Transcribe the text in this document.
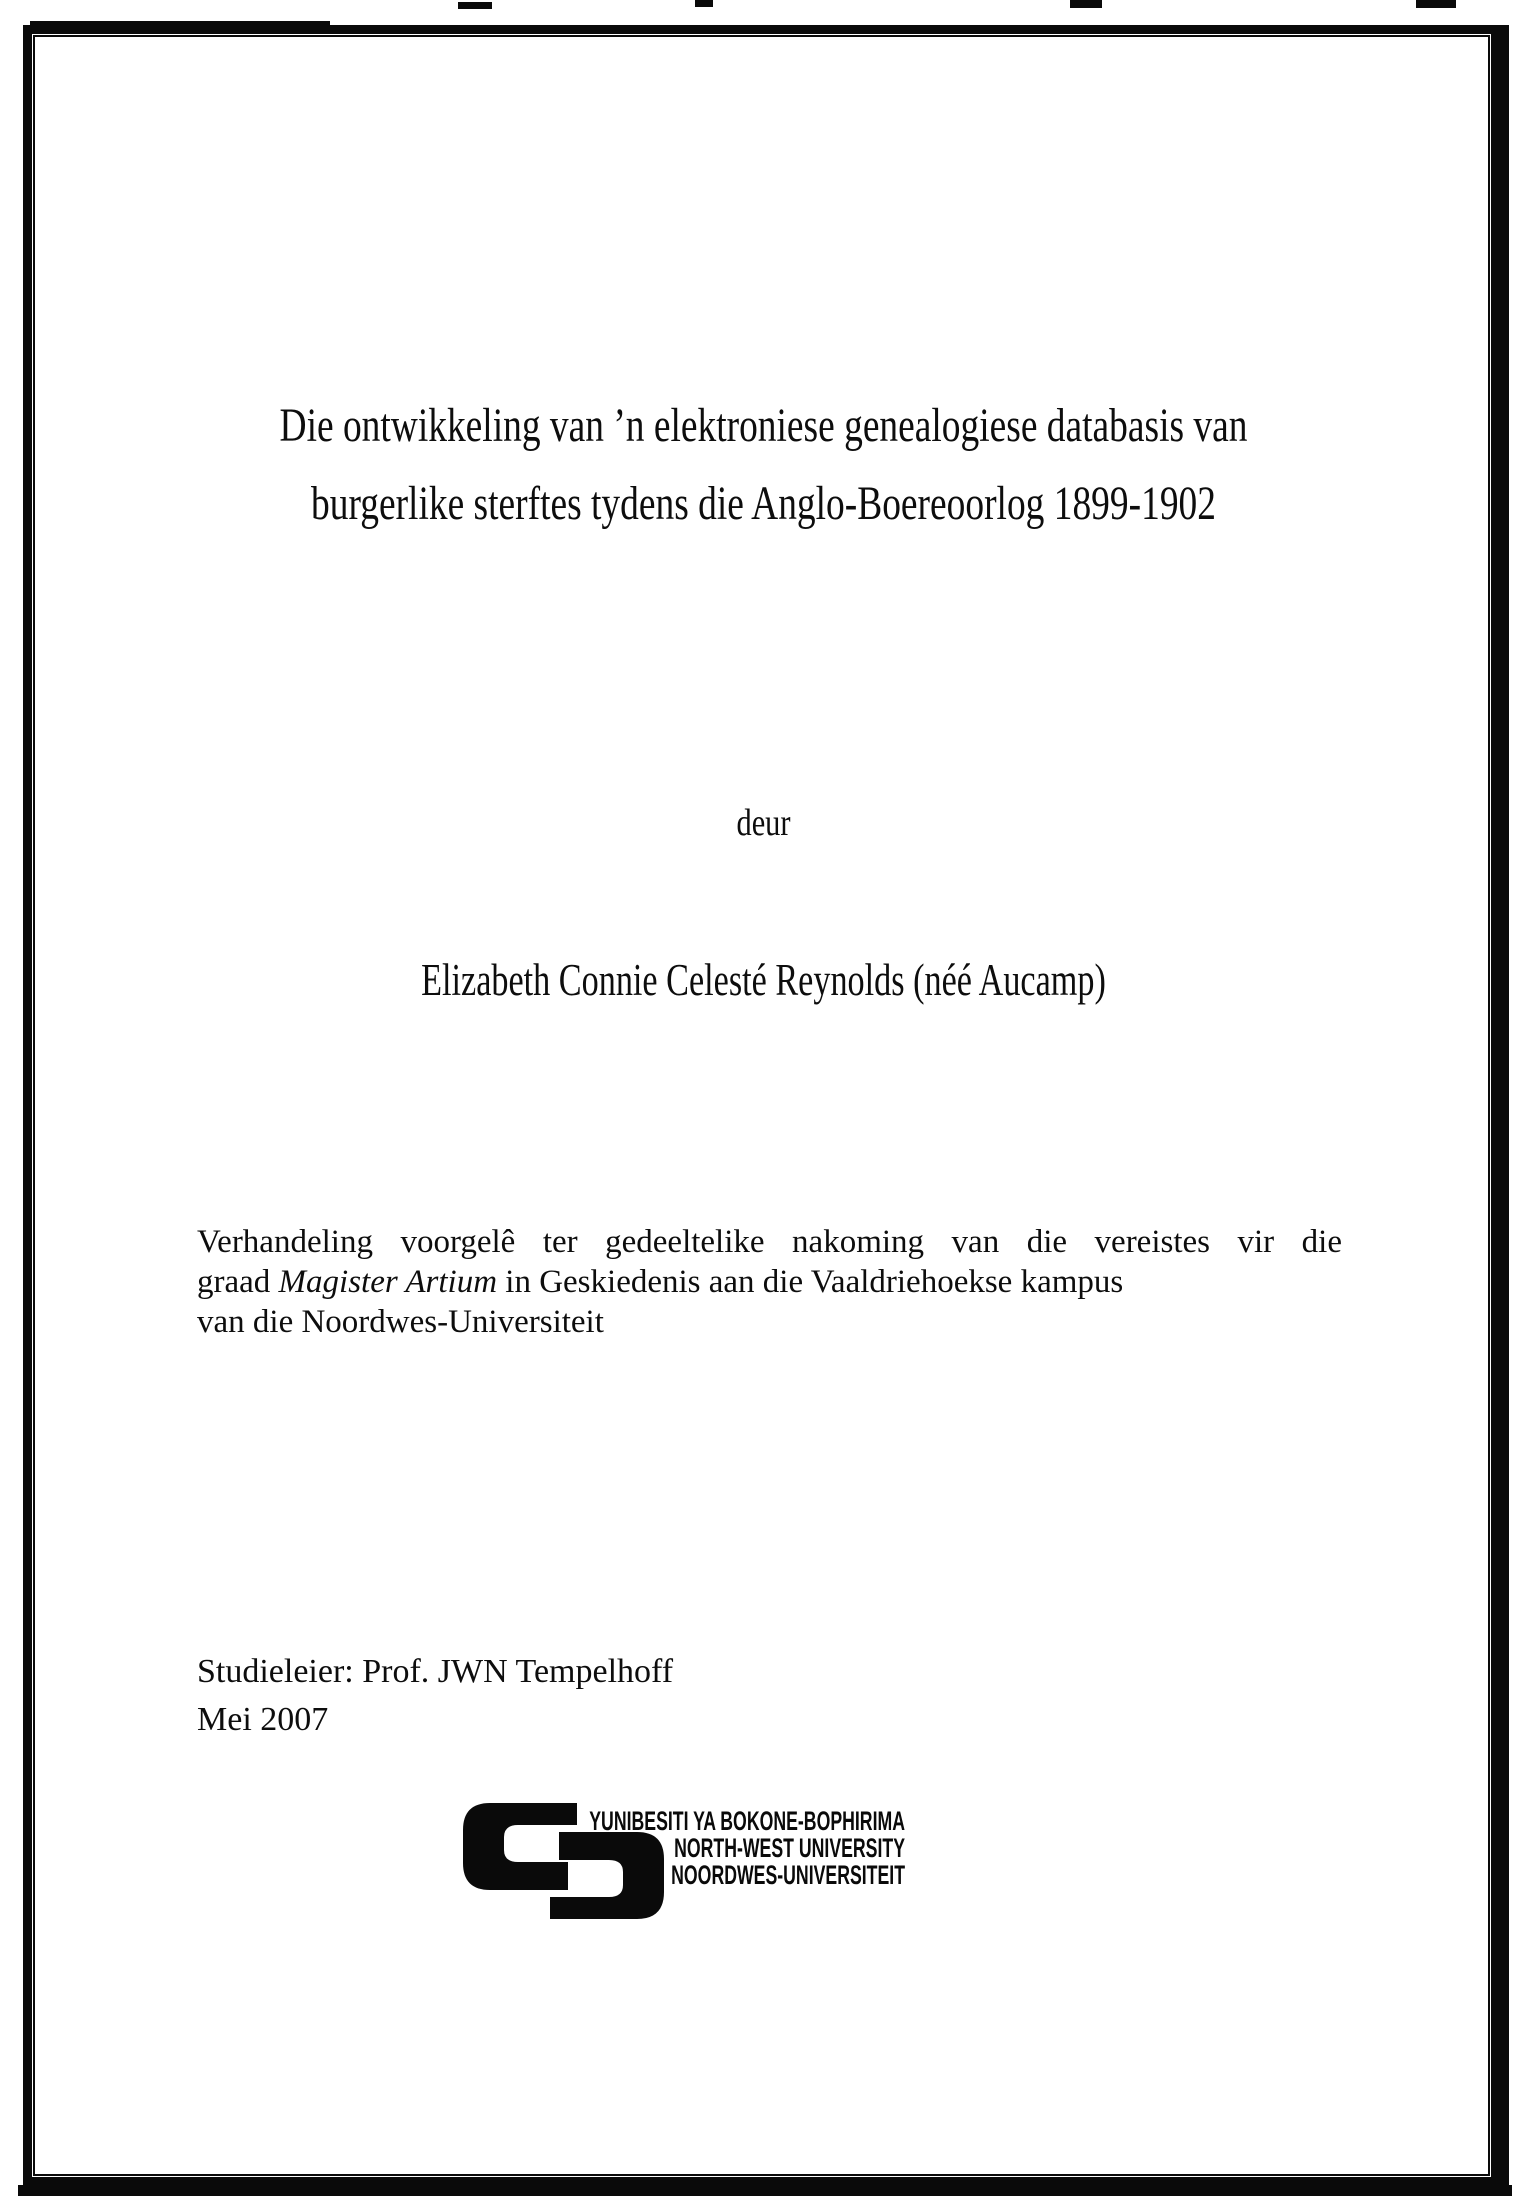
Die ontwikkeling van ’n elektroniese genealogiese databasis van
burgerlike sterftes tydens die Anglo-Boereoorlog 1899-1902
deur
Elizabeth Connie Celesté Reynolds (néé Aucamp)

Verhandeling voorgelê ter gedeeltelike nakoming van die vereistes vir die

graad Magister Artium in Geskiedenis aan die Vaaldriehoekse kampus

van die Noordwes-Universiteit

Studieleier: Prof. JWN Tempelhoff

Mei 2007

YUNIBESITI YA BOKONE-BOPHIRIMA
NORTH-WEST UNIVERSITY
NOORDWES-UNIVERSITEIT
